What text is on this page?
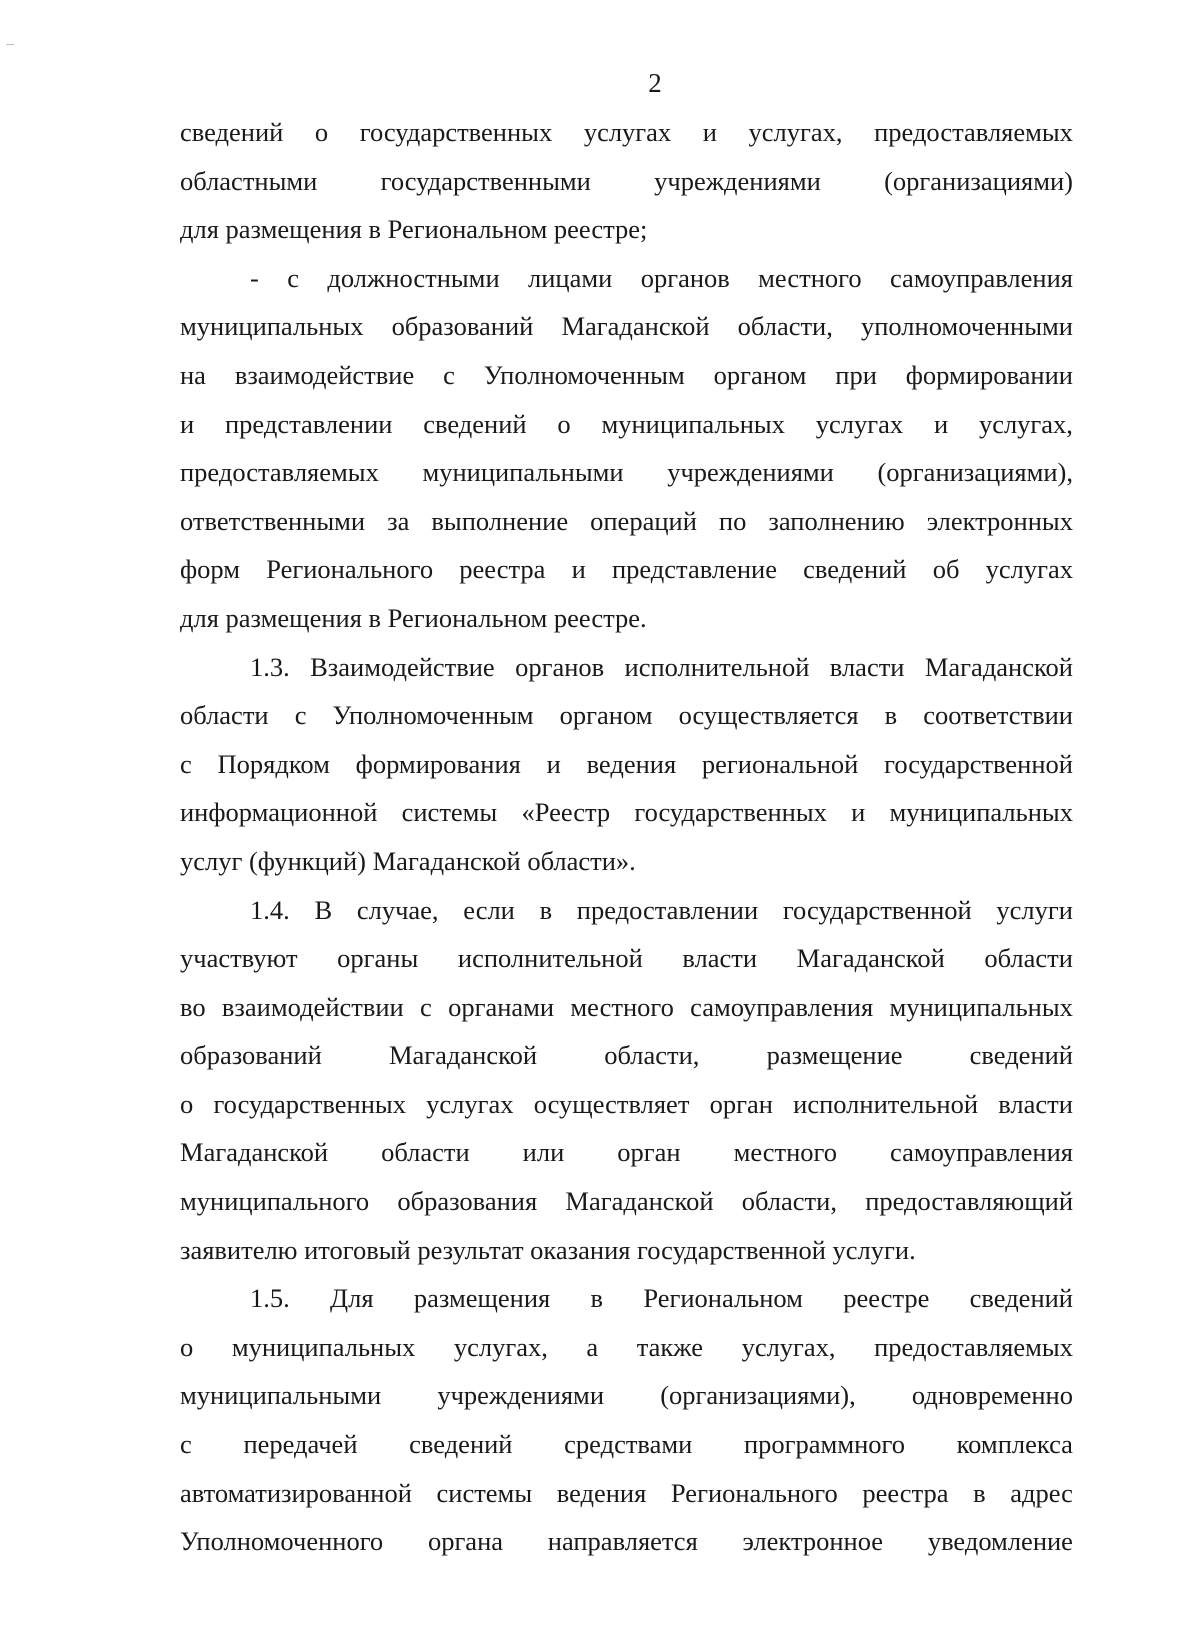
2
сведений о государственных услугах и услугах, предоставляемых
областными государственными учреждениями (организациями)
для размещения в Региональном реестре;
- с должностными лицами органов местного самоуправления
муниципальных образований Магаданской области, уполномоченными
на взаимодействие с Уполномоченным органом при формировании
и представлении сведений о муниципальных услугах и услугах,
предоставляемых муниципальными учреждениями (организациями),
ответственными за выполнение операций по заполнению электронных
форм Регионального реестра и представление сведений об услугах
для размещения в Региональном реестре.
1.3. Взаимодействие органов исполнительной власти Магаданской
области с Уполномоченным органом осуществляется в соответствии
с Порядком формирования и ведения региональной государственной
информационной системы «Реестр государственных и муниципальных
услуг (функций) Магаданской области».
1.4. В случае, если в предоставлении государственной услуги
участвуют органы исполнительной власти Магаданской области
во взаимодействии с органами местного самоуправления муниципальных
образований	Магаданской	области,	размещение	сведений
о государственных услугах осуществляет орган исполнительной власти
Магаданской области или орган местного самоуправления
муниципального образования Магаданской области, предоставляющий
заявителю итоговый результат оказания государственной услуги.
1.5. Для размещения в Региональном реестре сведений
о муниципальных услугах, а также услугах, предоставляемых
муниципальными учреждениями (организациями), одновременно
с передачей сведений средствами программного комплекса
автоматизированной системы ведения Регионального реестра в адрес
Уполномоченного органа направляется электронное уведомление
